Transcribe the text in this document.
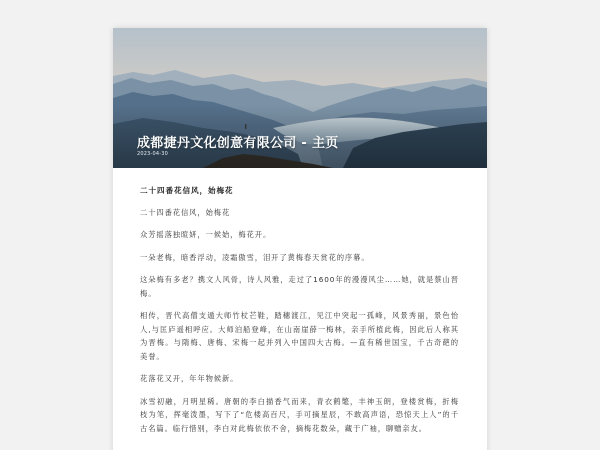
成都捷丹文化创意有限公司 - 主页
2023-04-30
二十四番花信风，始梅花

二十四番花信风，始梅花

众芳摇落独暄妍，一候始，梅花开。

一朵老梅，暗香浮动，凌霜傲雪，泪开了黄梅春天赏花的序幕。

这朵梅有多老？携文人风骨，诗人风雅，走过了1600年的漫漫风尘……她，就是蔡山晋梅。

相传，晋代高僧支遁大师竹杖芒鞋，踏穗渡江，见江中突起一孤峰，风景秀丽，景色怡人,与匡庐遥相呼应。大师泊船登峰，在山南崖薛一梅林，亲手所植此梅，因此后人称其为晋梅。与隋梅、唐梅、宋梅一起并列入中国四大古梅。—直有稀世国宝，千古奇葩的美誉。

花落花又开，年年物候新。

冰雪初融，月明星稀。唐朝的李白描香气而来，青衣鹤氅，丰神玉朗，登楼赏梅，折梅枝为笔，挥毫泼墨，写下了“危楼高百尺，手可摘星辰，不敢高声语，恐惊天上人”的千古名篇。临行惜别，李白对此梅依依不舍，摘梅花数朵，藏于广袖，聊赠亲友。
